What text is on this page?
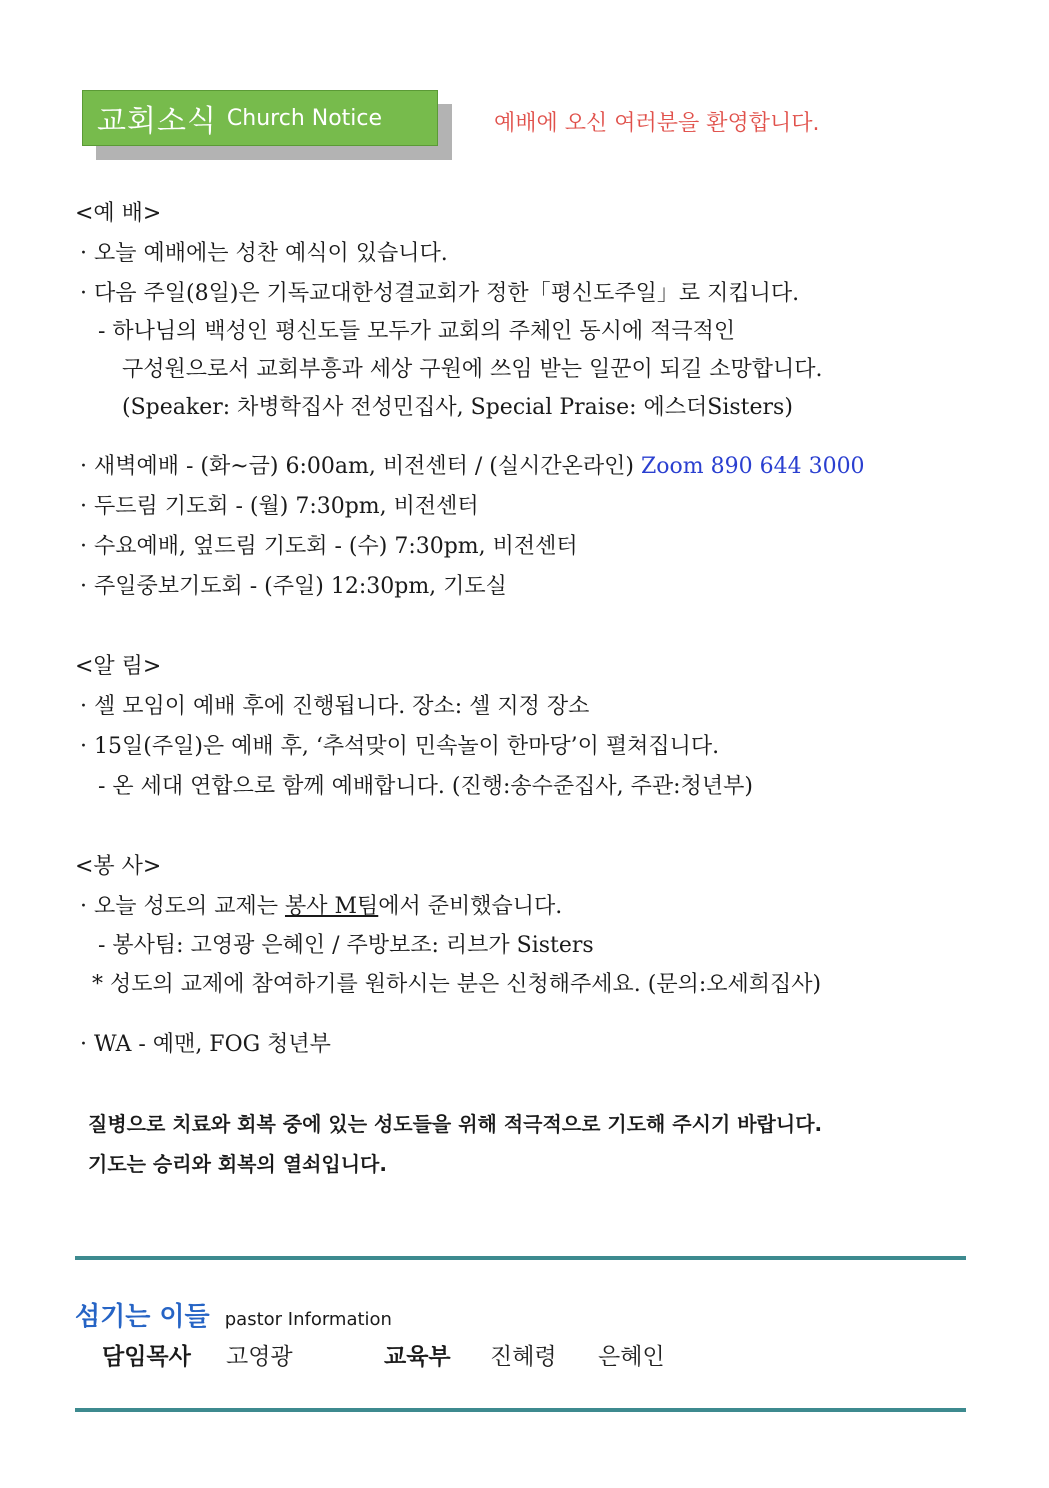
교회소식 Church Notice	예배에 오신 여러분을 환영합니다.
<예 배>
· 오늘 예배에는 성찬 예식이 있습니다.
· 다음 주일(8일)은 기독교대한성결교회가 정한「평신도주일」로 지킵니다.
- 하나님의 백성인 평신도들 모두가 교회의 주체인 동시에 적극적인
구성원으로서 교회부흥과 세상 구원에 쓰임 받는 일꾼이 되길 소망합니다.
(Speaker: 차병학집사 전성민집사, Special Praise: 에스더Sisters)
· 새벽예배 - (화~금) 6:00am, 비전센터 / (실시간온라인) Zoom 890 644 3000
· 두드림 기도회 - (월) 7:30pm, 비전센터
· 수요예배, 엎드림 기도회 - (수) 7:30pm, 비전센터
· 주일중보기도회 - (주일) 12:30pm, 기도실
<알 림>
· 셀 모임이 예배 후에 진행됩니다. 장소: 셀 지정 장소
· 15일(주일)은 예배 후, ‘추석맞이 민속놀이 한마당’이 펼쳐집니다.
- 온 세대 연합으로 함께 예배합니다. (진행:송수준집사, 주관:청년부)
<봉 사>
· 오늘 성도의 교제는 봉사 M팀에서 준비했습니다.
- 봉사팀: 고영광 은혜인 / 주방보조: 리브가 Sisters
* 성도의 교제에 참여하기를 원하시는 분은 신청해주세요. (문의:오세희집사)
· WA - 예맨, FOG 청년부
질병으로 치료와 회복 중에 있는 성도들을 위해 적극적으로 기도해 주시기 바랍니다.
기도는 승리와 회복의 열쇠입니다.
섬기는 이들 pastor Information
담임목사 고영광	교육부 진혜령 은혜인
